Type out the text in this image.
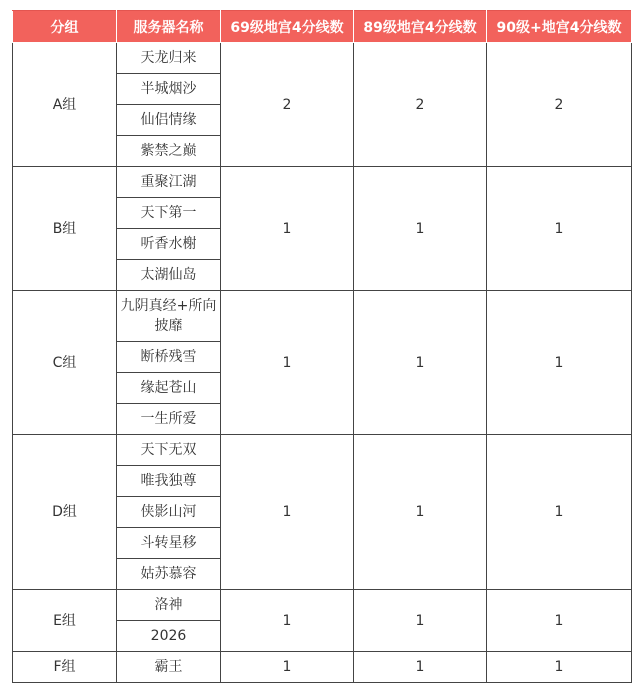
分组	服务器名称	69级地宫4分线数	89级地宫4分线数	90级+地宫4分线数
A组	天龙归来	2	2	2
	半城烟沙			
	仙侣情缘			
	紫禁之巅			
B组	重聚江湖	1	1	1
	天下第一			
	听香水榭			
	太湖仙岛			
C组	九阴真经+所向披靡	1	1	1
	断桥残雪			
	缘起苍山			
	一生所爱			
D组	天下无双	1	1	1
	唯我独尊			
	侠影山河			
	斗转星移			
	姑苏慕容			
E组	洛神	1	1	1
	2026			
F组	霸王	1	1	1
